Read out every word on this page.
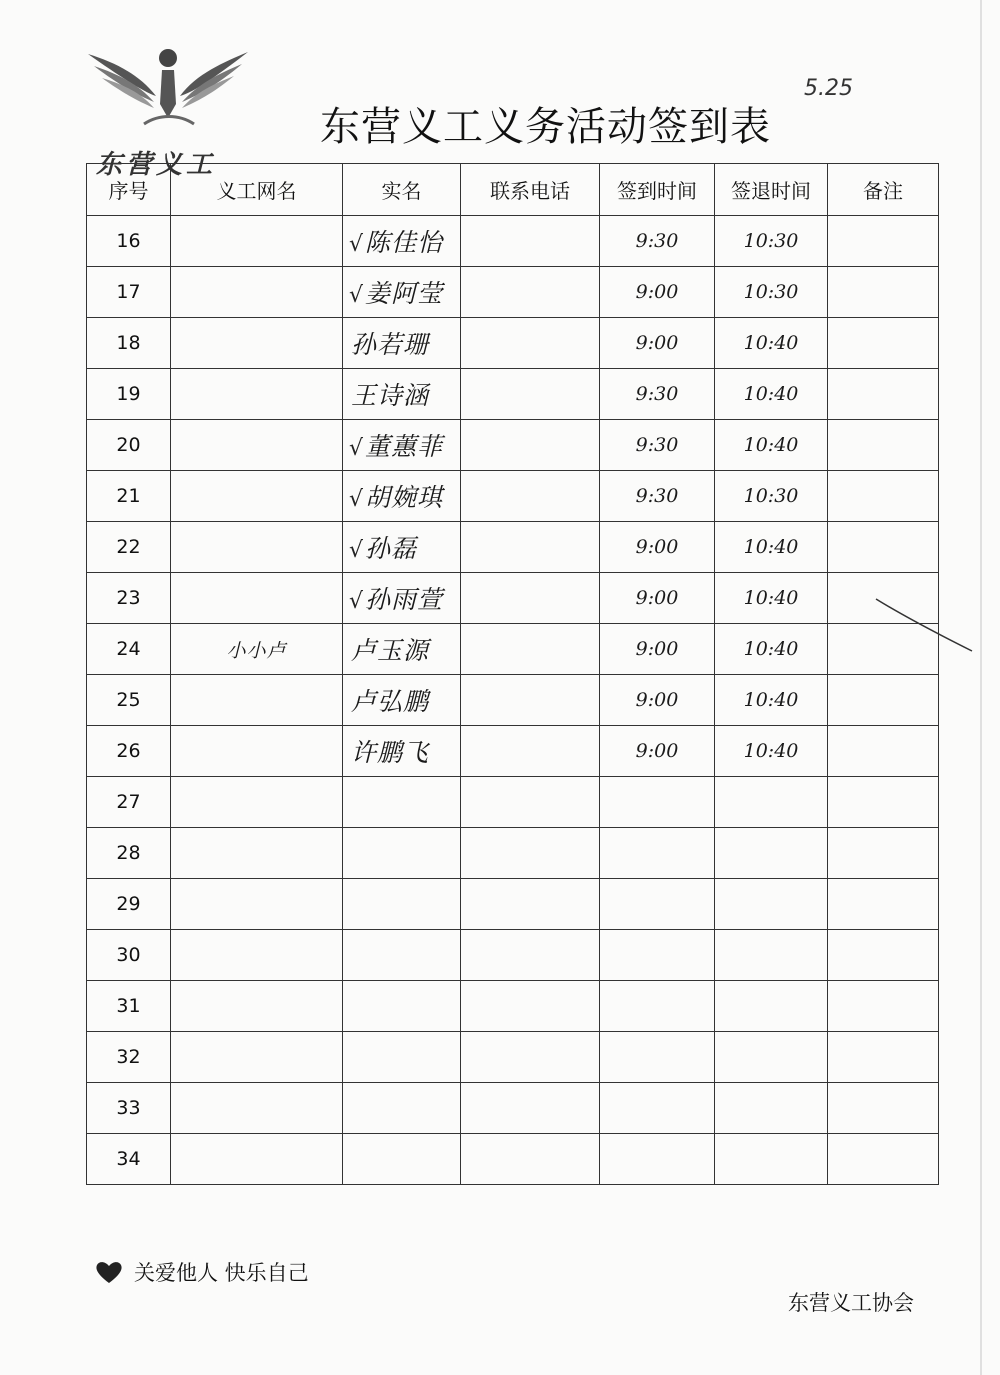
东营义工
东营义工义务活动签到表
5.25
序号	义工网名	实名	联系电话	签到时间	签退时间	备注
16		√陈佳怡		9:30	10:30	
17		√姜阿莹		9:00	10:30	
18		孙若珊		9:00	10:40	
19		王诗涵		9:30	10:40	
20		√董蕙菲		9:30	10:40	
21		√胡婉琪		9:30	10:30	
22		√孙磊		9:00	10:40	
23		√孙雨萱		9:00	10:40	
24	小小卢	卢玉源		9:00	10:40	
25		卢弘鹏		9:00	10:40	
26		许鹏飞		9:00	10:40	
27						
28						
29						
30						
31						
32						
33						
34						
关爱他人 快乐自己
东营义工协会
